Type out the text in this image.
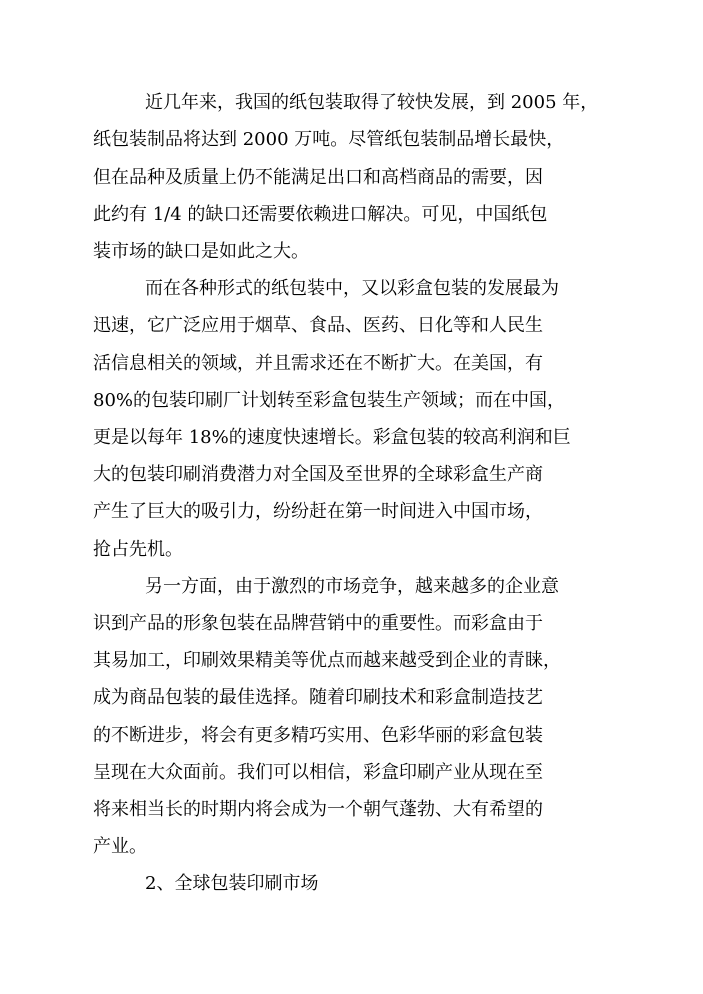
近几年来，我国的纸包装取得了较快发展，到 2005 年，
纸包装制品将达到 2000 万吨。尽管纸包装制品增长最快，
但在品种及质量上仍不能满足出口和高档商品的需要，因
此约有 1/4 的缺口还需要依赖进口解决。可见，中国纸包
装市场的缺口是如此之大。
而在各种形式的纸包装中，又以彩盒包装的发展最为
迅速，它广泛应用于烟草、食品、医药、日化等和人民生
活信息相关的领域，并且需求还在不断扩大。在美国，有
80%的包装印刷厂计划转至彩盒包装生产领域；而在中国，
更是以每年 18%的速度快速增长。彩盒包装的较高利润和巨
大的包装印刷消费潜力对全国及至世界的全球彩盒生产商
产生了巨大的吸引力，纷纷赶在第一时间进入中国市场，
抢占先机。
另一方面，由于激烈的市场竞争，越来越多的企业意
识到产品的形象包装在品牌营销中的重要性。而彩盒由于
其易加工，印刷效果精美等优点而越来越受到企业的青睐，
成为商品包装的最佳选择。随着印刷技术和彩盒制造技艺
的不断进步，将会有更多精巧实用、色彩华丽的彩盒包装
呈现在大众面前。我们可以相信，彩盒印刷产业从现在至
将来相当长的时期内将会成为一个朝气蓬勃、大有希望的
产业。
2、全球包装印刷市场
